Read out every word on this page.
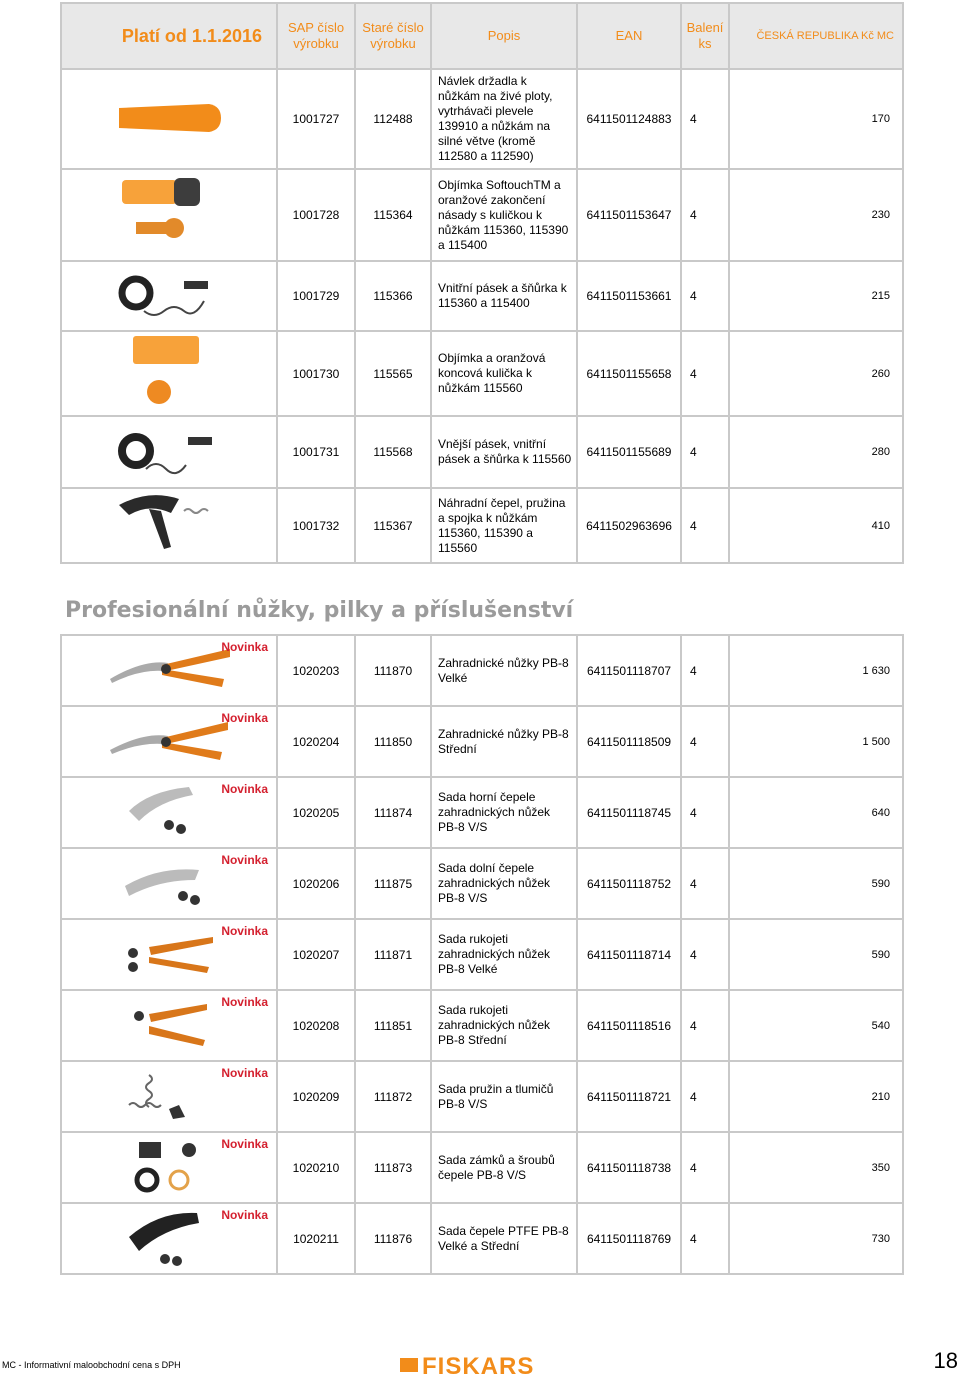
Platí od 1.1.2016	SAP číslo výrobku	Staré číslo výrobku	Popis	EAN	Balení ks	ČESKÁ REPUBLIKA Kč MC
	1001727	112488	Návlek držadla k nůžkám na živé ploty, vytrhávači plevele 139910 a nůžkám na silné větve (kromě 112580 a 112590)	6411501124883	4	170
	1001728	115364	Objímka SoftouchTM a oranžové zakončení násady s kuličkou k nůžkám 115360, 115390 a 115400	6411501153647	4	230
	1001729	115366	Vnitřní pásek a šňůrka k 115360 a 115400	6411501153661	4	215
	1001730	115565	Objímka a oranžová koncová kulička k nůžkám 115560	6411501155658	4	260
	1001731	115568	Vnější pásek, vnitřní pásek a šňůrka k 115560	6411501155689	4	280
	1001732	115367	Náhradní čepel, pružina a spojka k nůžkám 115360, 115390 a 115560	6411502963696	4	410
Profesionální nůžky, pilky a příslušenství						

Novinka	1020203	111870	Zahradnické nůžky PB-8 Velké	6411501118707	4	1 630

Novinka	1020204	111850	Zahradnické nůžky PB-8 Střední	6411501118509	4	1 500

Novinka	1020205	111874	Sada horní čepele zahradnických nůžek PB-8 V/S	6411501118745	4	640

Novinka	1020206	111875	Sada dolní čepele zahradnických nůžek PB-8 V/S	6411501118752	4	590

Novinka	1020207	111871	Sada rukojeti zahradnických nůžek PB-8 Velké	6411501118714	4	590

Novinka	1020208	111851	Sada rukojeti zahradnických nůžek PB-8 Střední	6411501118516	4	540

Novinka	1020209	111872	Sada pružin a tlumičů PB-8 V/S	6411501118721	4	210

Novinka	1020210	111873	Sada zámků a šroubů čepele PB-8 V/S	6411501118738	4	350

Novinka	1020211	111876	Sada čepele PTFE PB-8 Velké a Střední	6411501118769	4	730
MC - Informativní maloobchodní cena s DPH	FISKARS	18
